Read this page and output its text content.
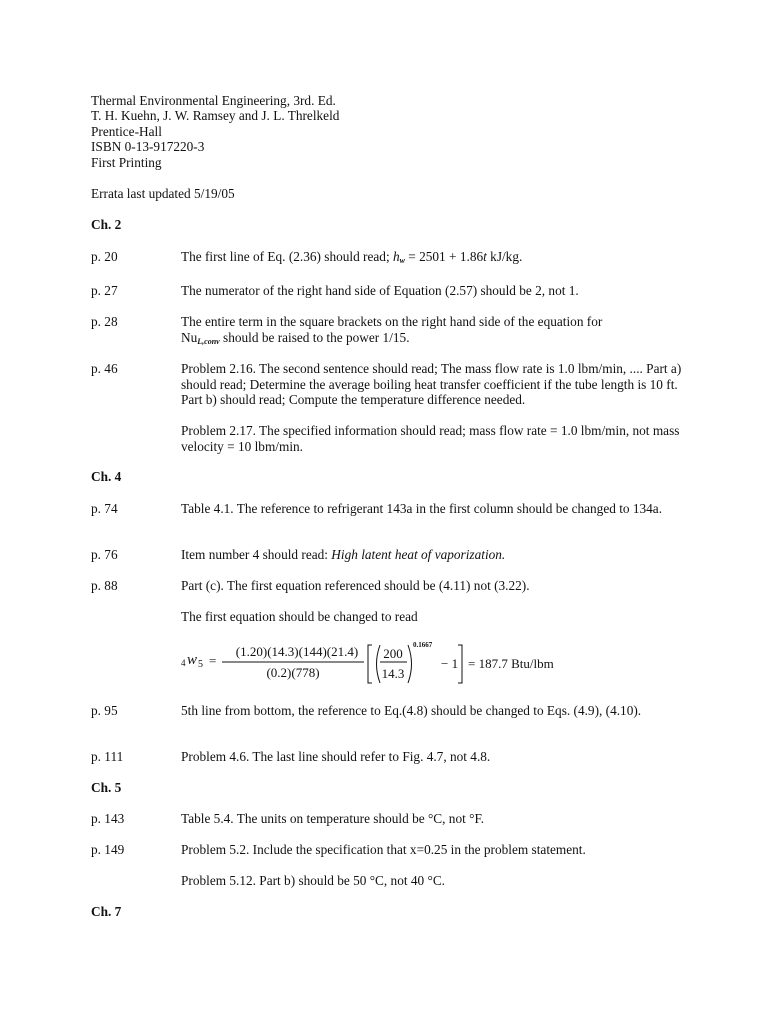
Thermal Environmental Engineering, 3rd. Ed.
T. H. Kuehn, J. W. Ramsey and J. L. Threlkeld
Prentice-Hall
ISBN 0-13-917220-3
First Printing
Errata last updated 5/19/05
Ch. 2
p. 20	The first line of Eq. (2.36) should read; $h_w = 2501 + 1.86t$ kJ/kg.
p. 27	The numerator of the right hand side of Equation (2.57) should be 2, not 1.
p. 28	The entire term in the square brackets on the right hand side of the equation for
$Nu_{L,conv}$ should be raised to the power 1/15.
p. 46	Problem 2.16. The second sentence should read; The mass flow rate is 1.0 lbm/min, .... Part a) should read; Determine the average boiling heat transfer coefficient if the tube length is 10 ft. Part b) should read; Compute the temperature difference needed.
Problem 2.17. The specified information should read; mass flow rate = 1.0 lbm/min, not mass velocity = 10 lbm/min.
Ch. 4
p. 74	Table 4.1. The reference to refrigerant 143a in the first column should be changed to 134a.
p. 76	Item number 4 should read: High latent heat of vaporization.
p. 88	Part (c). The first equation referenced should be (4.11) not (3.22).
The first equation should be changed to read
4 w 5 =
(1.20)(14.3)(144)(21.4)
(0.2)(778)
200
14.3
0.1667
− 1 = 187.7 Btu/lbm
p. 95	5th line from bottom, the reference to Eq.(4.8) should be changed to Eqs. (4.9), (4.10).
p. 111	Problem 4.6. The last line should refer to Fig. 4.7, not 4.8.
Ch. 5
p. 143	Table 5.4. The units on temperature should be °C, not °F.
p. 149	Problem 5.2. Include the specification that x=0.25 in the problem statement.
Problem 5.12. Part b) should be 50 °C, not 40 °C.
Ch. 7
